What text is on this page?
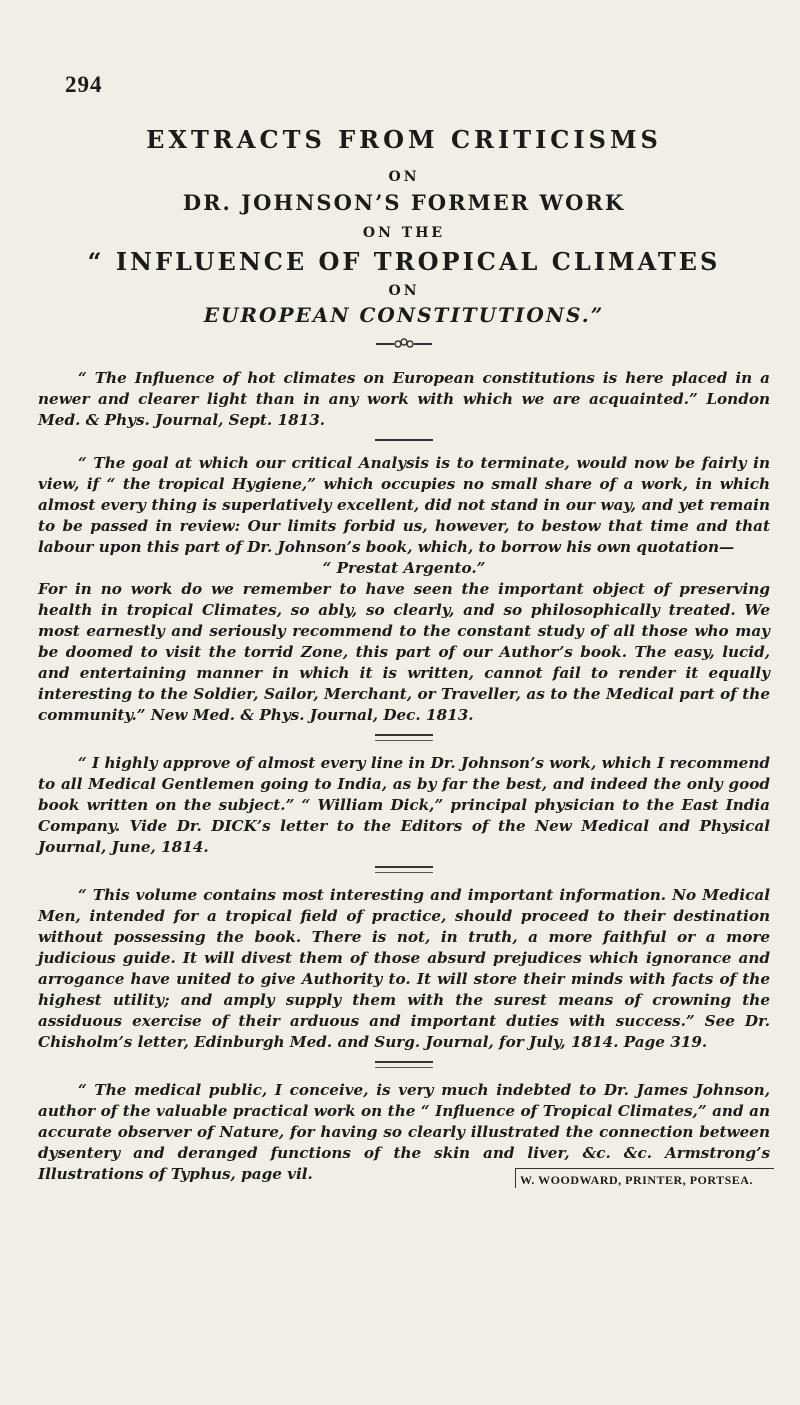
294
EXTRACTS FROM CRITICISMS
ON
DR. JOHNSON’S FORMER WORK
ON THE
“ INFLUENCE OF TROPICAL CLIMATES
ON
EUROPEAN CONSTITUTIONS.”

“ The Influence of hot climates on European constitutions is here placed in a newer and clearer light than in any work with which we are acquainted.” London Med. & Phys. Journal, Sept. 1813.

“ The goal at which our critical Analysis is to terminate, would now be fairly in view, if “ the tropical Hygiene,” which occupies no small share of a work, in which almost every thing is superlatively excellent, did not stand in our way, and yet remain to be passed in review: Our limits forbid us, however, to bestow that time and that labour upon this part of Dr. Johnson’s book, which, to borrow his own quotation—

“ Prestat Argento.”

For in no work do we remember to have seen the important object of preserving health in tropical Climates, so ably, so clearly, and so philosophically treated. We most earnestly and seriously recommend to the constant study of all those who may be doomed to visit the torrid Zone, this part of our Author’s book. The easy, lucid, and entertaining manner in which it is written, cannot fail to render it equally interesting to the Soldier, Sailor, Merchant, or Traveller, as to the Medical part of the community.” New Med. & Phys. Journal, Dec. 1813.

“ I highly approve of almost every line in Dr. Johnson’s work, which I recommend to all Medical Gentlemen going to India, as by far the best, and indeed the only good book written on the subject.” “ William Dick,” principal physician to the East India Company. Vide Dr. DICK’s letter to the Editors of the New Medical and Physical Journal, June, 1814.

“ This volume contains most interesting and important information. No Medical Men, intended for a tropical field of practice, should proceed to their destination without possessing the book. There is not, in truth, a more faithful or a more judicious guide. It will divest them of those absurd prejudices which ignorance and arrogance have united to give Authority to. It will store their minds with facts of the highest utility; and amply supply them with the surest means of crowning the assiduous exercise of their arduous and important duties with success.” See Dr. Chisholm’s letter, Edinburgh Med. and Surg. Journal, for July, 1814. Page 319.

“ The medical public, I conceive, is very much indebted to Dr. James Johnson, author of the valuable practical work on the “ Influence of Tropical Climates,” and an accurate observer of Nature, for having so clearly illustrated the connection between dysentery and deranged functions of the skin and liver, &c. &c. Armstrong’s Illustrations of Typhus, page vil.	W. WOODWARD, PRINTER, PORTSEA.
